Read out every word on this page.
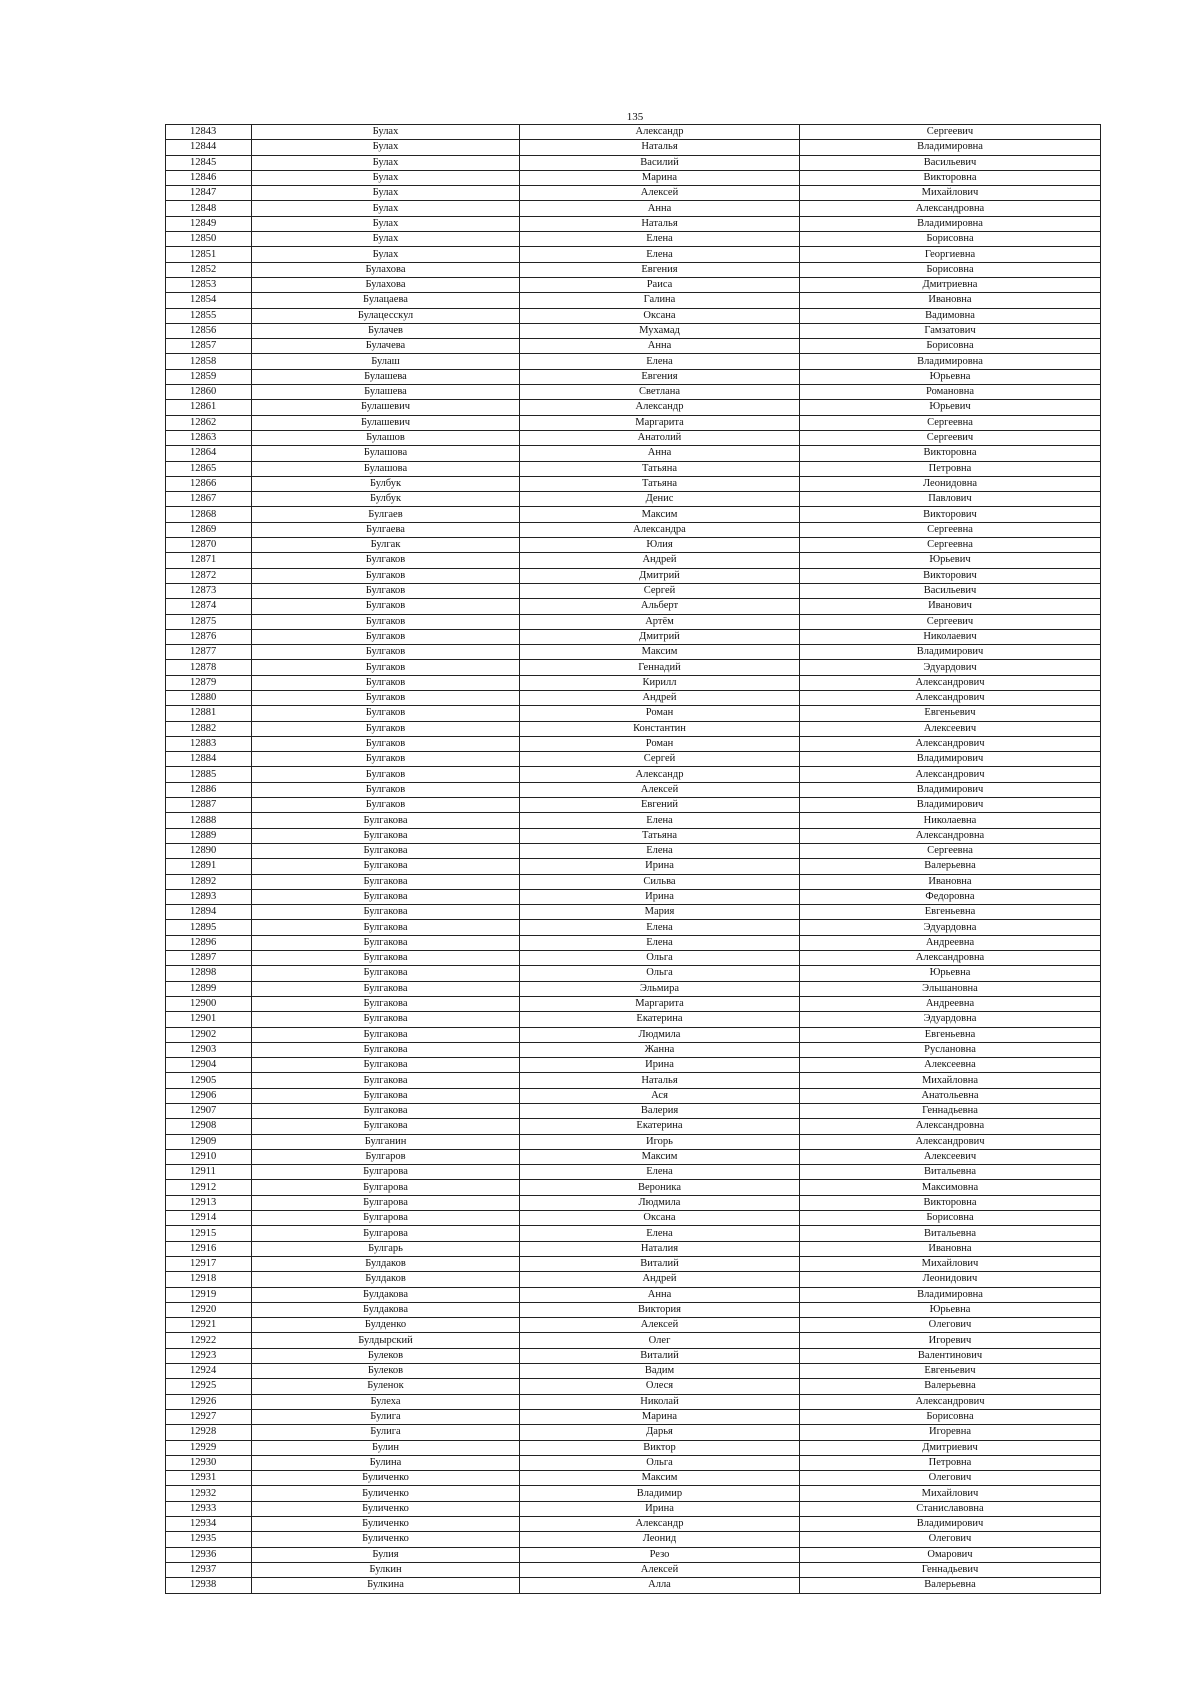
135
12843	Булах	Александр	Сергеевич
12844	Булах	Наталья	Владимировна
12845	Булах	Василий	Васильевич
12846	Булах	Марина	Викторовна
12847	Булах	Алексей	Михайлович
12848	Булах	Анна	Александровна
12849	Булах	Наталья	Владимировна
12850	Булах	Елена	Борисовна
12851	Булах	Елена	Георгиевна
12852	Булахова	Евгения	Борисовна
12853	Булахова	Раиса	Дмитриевна
12854	Булацаева	Галина	Ивановна
12855	Булацесскул	Оксана	Вадимовна
12856	Булачев	Мухамад	Гамзатович
12857	Булачева	Анна	Борисовна
12858	Булаш	Елена	Владимировна
12859	Булашева	Евгения	Юрьевна
12860	Булашева	Светлана	Романовна
12861	Булашевич	Александр	Юрьевич
12862	Булашевич	Маргарита	Сергеевна
12863	Булашов	Анатолий	Сергеевич
12864	Булашова	Анна	Викторовна
12865	Булашова	Татьяна	Петровна
12866	Булбук	Татьяна	Леонидовна
12867	Булбук	Денис	Павлович
12868	Булгаев	Максим	Викторович
12869	Булгаева	Александра	Сергеевна
12870	Булгак	Юлия	Сергеевна
12871	Булгаков	Андрей	Юрьевич
12872	Булгаков	Дмитрий	Викторович
12873	Булгаков	Сергей	Васильевич
12874	Булгаков	Альберт	Иванович
12875	Булгаков	Артём	Сергеевич
12876	Булгаков	Дмитрий	Николаевич
12877	Булгаков	Максим	Владимирович
12878	Булгаков	Геннадий	Эдуардович
12879	Булгаков	Кирилл	Александрович
12880	Булгаков	Андрей	Александрович
12881	Булгаков	Роман	Евгеньевич
12882	Булгаков	Константин	Алексеевич
12883	Булгаков	Роман	Александрович
12884	Булгаков	Сергей	Владимирович
12885	Булгаков	Александр	Александрович
12886	Булгаков	Алексей	Владимирович
12887	Булгаков	Евгений	Владимирович
12888	Булгакова	Елена	Николаевна
12889	Булгакова	Татьяна	Александровна
12890	Булгакова	Елена	Сергеевна
12891	Булгакова	Ирина	Валерьевна
12892	Булгакова	Сильва	Ивановна
12893	Булгакова	Ирина	Федоровна
12894	Булгакова	Мария	Евгеньевна
12895	Булгакова	Елена	Эдуардовна
12896	Булгакова	Елена	Андреевна
12897	Булгакова	Ольга	Александровна
12898	Булгакова	Ольга	Юрьевна
12899	Булгакова	Эльмира	Эльшановна
12900	Булгакова	Маргарита	Андреевна
12901	Булгакова	Екатерина	Эдуардовна
12902	Булгакова	Людмила	Евгеньевна
12903	Булгакова	Жанна	Руслановна
12904	Булгакова	Ирина	Алексеевна
12905	Булгакова	Наталья	Михайловна
12906	Булгакова	Ася	Анатольевна
12907	Булгакова	Валерия	Геннадьевна
12908	Булгакова	Екатерина	Александровна
12909	Булганин	Игорь	Александрович
12910	Булгаров	Максим	Алексеевич
12911	Булгарова	Елена	Витальевна
12912	Булгарова	Вероника	Максимовна
12913	Булгарова	Людмила	Викторовна
12914	Булгарова	Оксана	Борисовна
12915	Булгарова	Елена	Витальевна
12916	Булгарь	Наталия	Ивановна
12917	Булдаков	Виталий	Михайлович
12918	Булдаков	Андрей	Леонидович
12919	Булдакова	Анна	Владимировна
12920	Булдакова	Виктория	Юрьевна
12921	Булденко	Алексей	Олегович
12922	Булдырский	Олег	Игоревич
12923	Булеков	Виталий	Валентинович
12924	Булеков	Вадим	Евгеньевич
12925	Буленок	Олеся	Валерьевна
12926	Булеха	Николай	Александрович
12927	Булига	Марина	Борисовна
12928	Булига	Дарья	Игоревна
12929	Булин	Виктор	Дмитриевич
12930	Булина	Ольга	Петровна
12931	Буличенко	Максим	Олегович
12932	Буличенко	Владимир	Михайлович
12933	Буличенко	Ирина	Станиславовна
12934	Буличенко	Александр	Владимирович
12935	Буличенко	Леонид	Олегович
12936	Булия	Резо	Омарович
12937	Булкин	Алексей	Геннадьевич
12938	Булкина	Алла	Валерьевна
